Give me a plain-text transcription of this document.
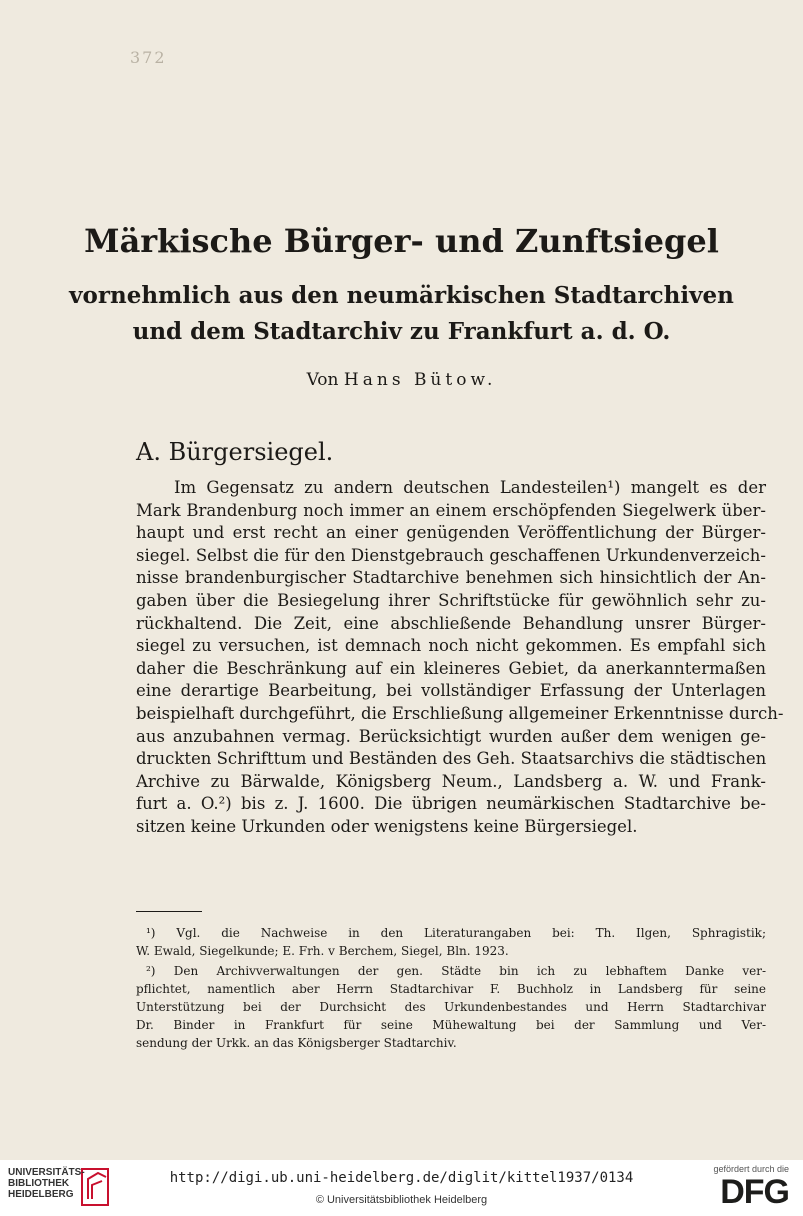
372
Märkische Bürger- und Zunftsiegel
vornehmlich aus den neumärkischen Stadtarchiven
und dem Stadtarchiv zu Frankfurt a. d. O.
Von Hans Bütow.
A. Bürgersiegel.
Im Gegensatz zu andern deutschen Landesteilen¹) mangelt es der
Mark Brandenburg noch immer an einem erschöpfenden Siegelwerk über-
haupt und erst recht an einer genügenden Veröffentlichung der Bürger-
siegel. Selbst die für den Dienstgebrauch geschaffenen Urkundenverzeich-
nisse brandenburgischer Stadtarchive benehmen sich hinsichtlich der An-
gaben über die Besiegelung ihrer Schriftstücke für gewöhnlich sehr zu-
rückhaltend. Die Zeit, eine abschließende Behandlung unsrer Bürger-
siegel zu versuchen, ist demnach noch nicht gekommen. Es empfahl sich
daher die Beschränkung auf ein kleineres Gebiet, da anerkanntermaßen
eine derartige Bearbeitung, bei vollständiger Erfassung der Unterlagen
beispielhaft durchgeführt, die Erschließung allgemeiner Erkenntnisse durch-
aus anzubahnen vermag. Berücksichtigt wurden außer dem wenigen ge-
druckten Schrifttum und Beständen des Geh. Staatsarchivs die städtischen
Archive zu Bärwalde, Königsberg Neum., Landsberg a. W. und Frank-
furt a. O.²) bis z. J. 1600. Die übrigen neumärkischen Stadtarchive be-
sitzen keine Urkunden oder wenigstens keine Bürgersiegel.
¹) Vgl. die Nachweise in den Literaturangaben bei: Th. Ilgen, Sphragistik;
W. Ewald, Siegelkunde; E. Frh. v Berchem, Siegel, Bln. 1923.
²) Den Archivverwaltungen der gen. Städte bin ich zu lebhaftem Danke ver-
pflichtet, namentlich aber Herrn Stadtarchivar F. Buchholz in Landsberg für seine
Unterstützung bei der Durchsicht des Urkundenbestandes und Herrn Stadtarchivar
Dr. Binder in Frankfurt für seine Mühewaltung bei der Sammlung und Ver-
sendung der Urkk. an das Königsberger Stadtarchiv.
UNIVERSITÄTS-
BIBLIOTHEK
HEIDELBERG
http://digi.ub.uni-heidelberg.de/diglit/kittel1937/0134
© Universitätsbibliothek Heidelberg
gefördert durch die
DFG
